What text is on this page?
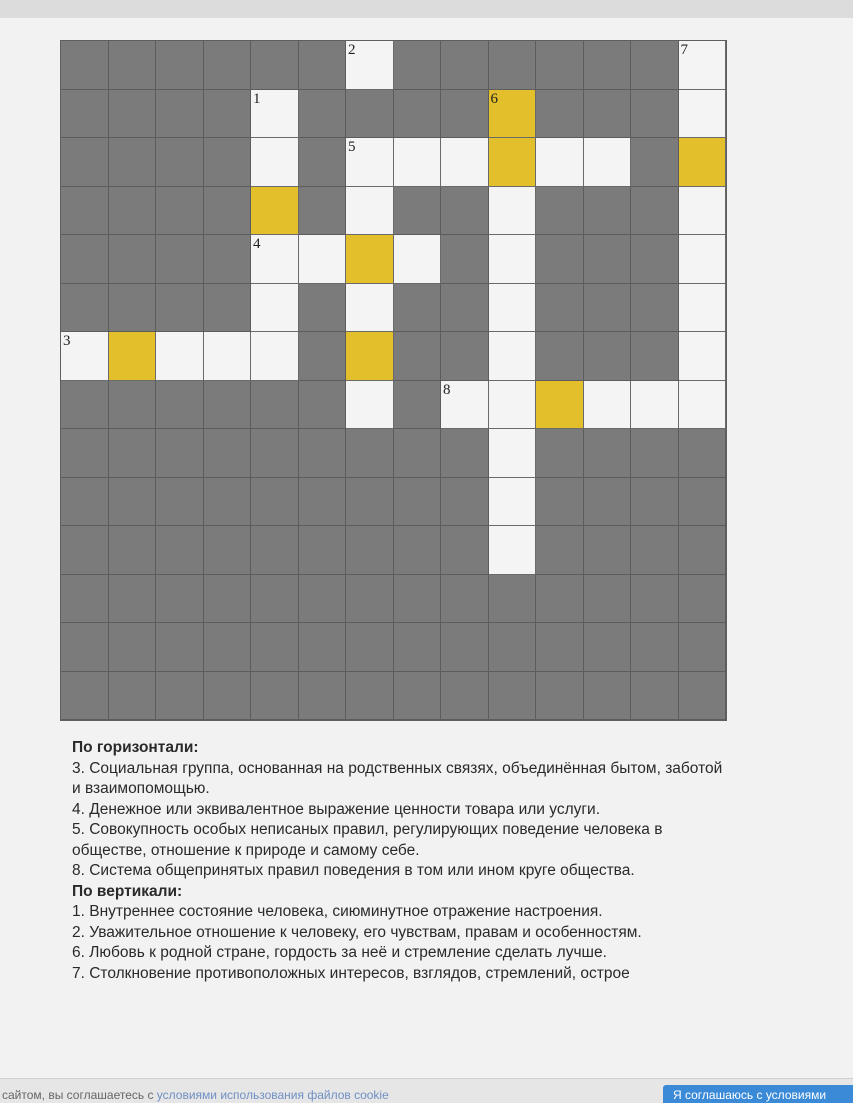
2	7
1	6
5
4
3
8

По горизонтали:

3. Социальная группа, основанная на родственных связях, объединённая бытом, заботой и взаимопомощью.

4. Денежное или эквивалентное выражение ценности товара или услуги.

5. Совокупность особых неписаных правил, регулирующих поведение человека в обществе, отношение к природе и самому себе.

8. Система общепринятых правил поведения в том или ином круге общества.

По вертикали:

1. Внутреннее состояние человека, сиюминутное отражение настроения.

2. Уважительное отношение к человеку, его чувствам, правам и особенностям.

6. Любовь к родной стране, гордость за неё и стремление сделать лучше.

7. Столкновение противоположных интересов, взглядов, стремлений, острое

сайтом, вы соглашаетесь с условиями использования файлов cookie	Я соглашаюсь с условиями
